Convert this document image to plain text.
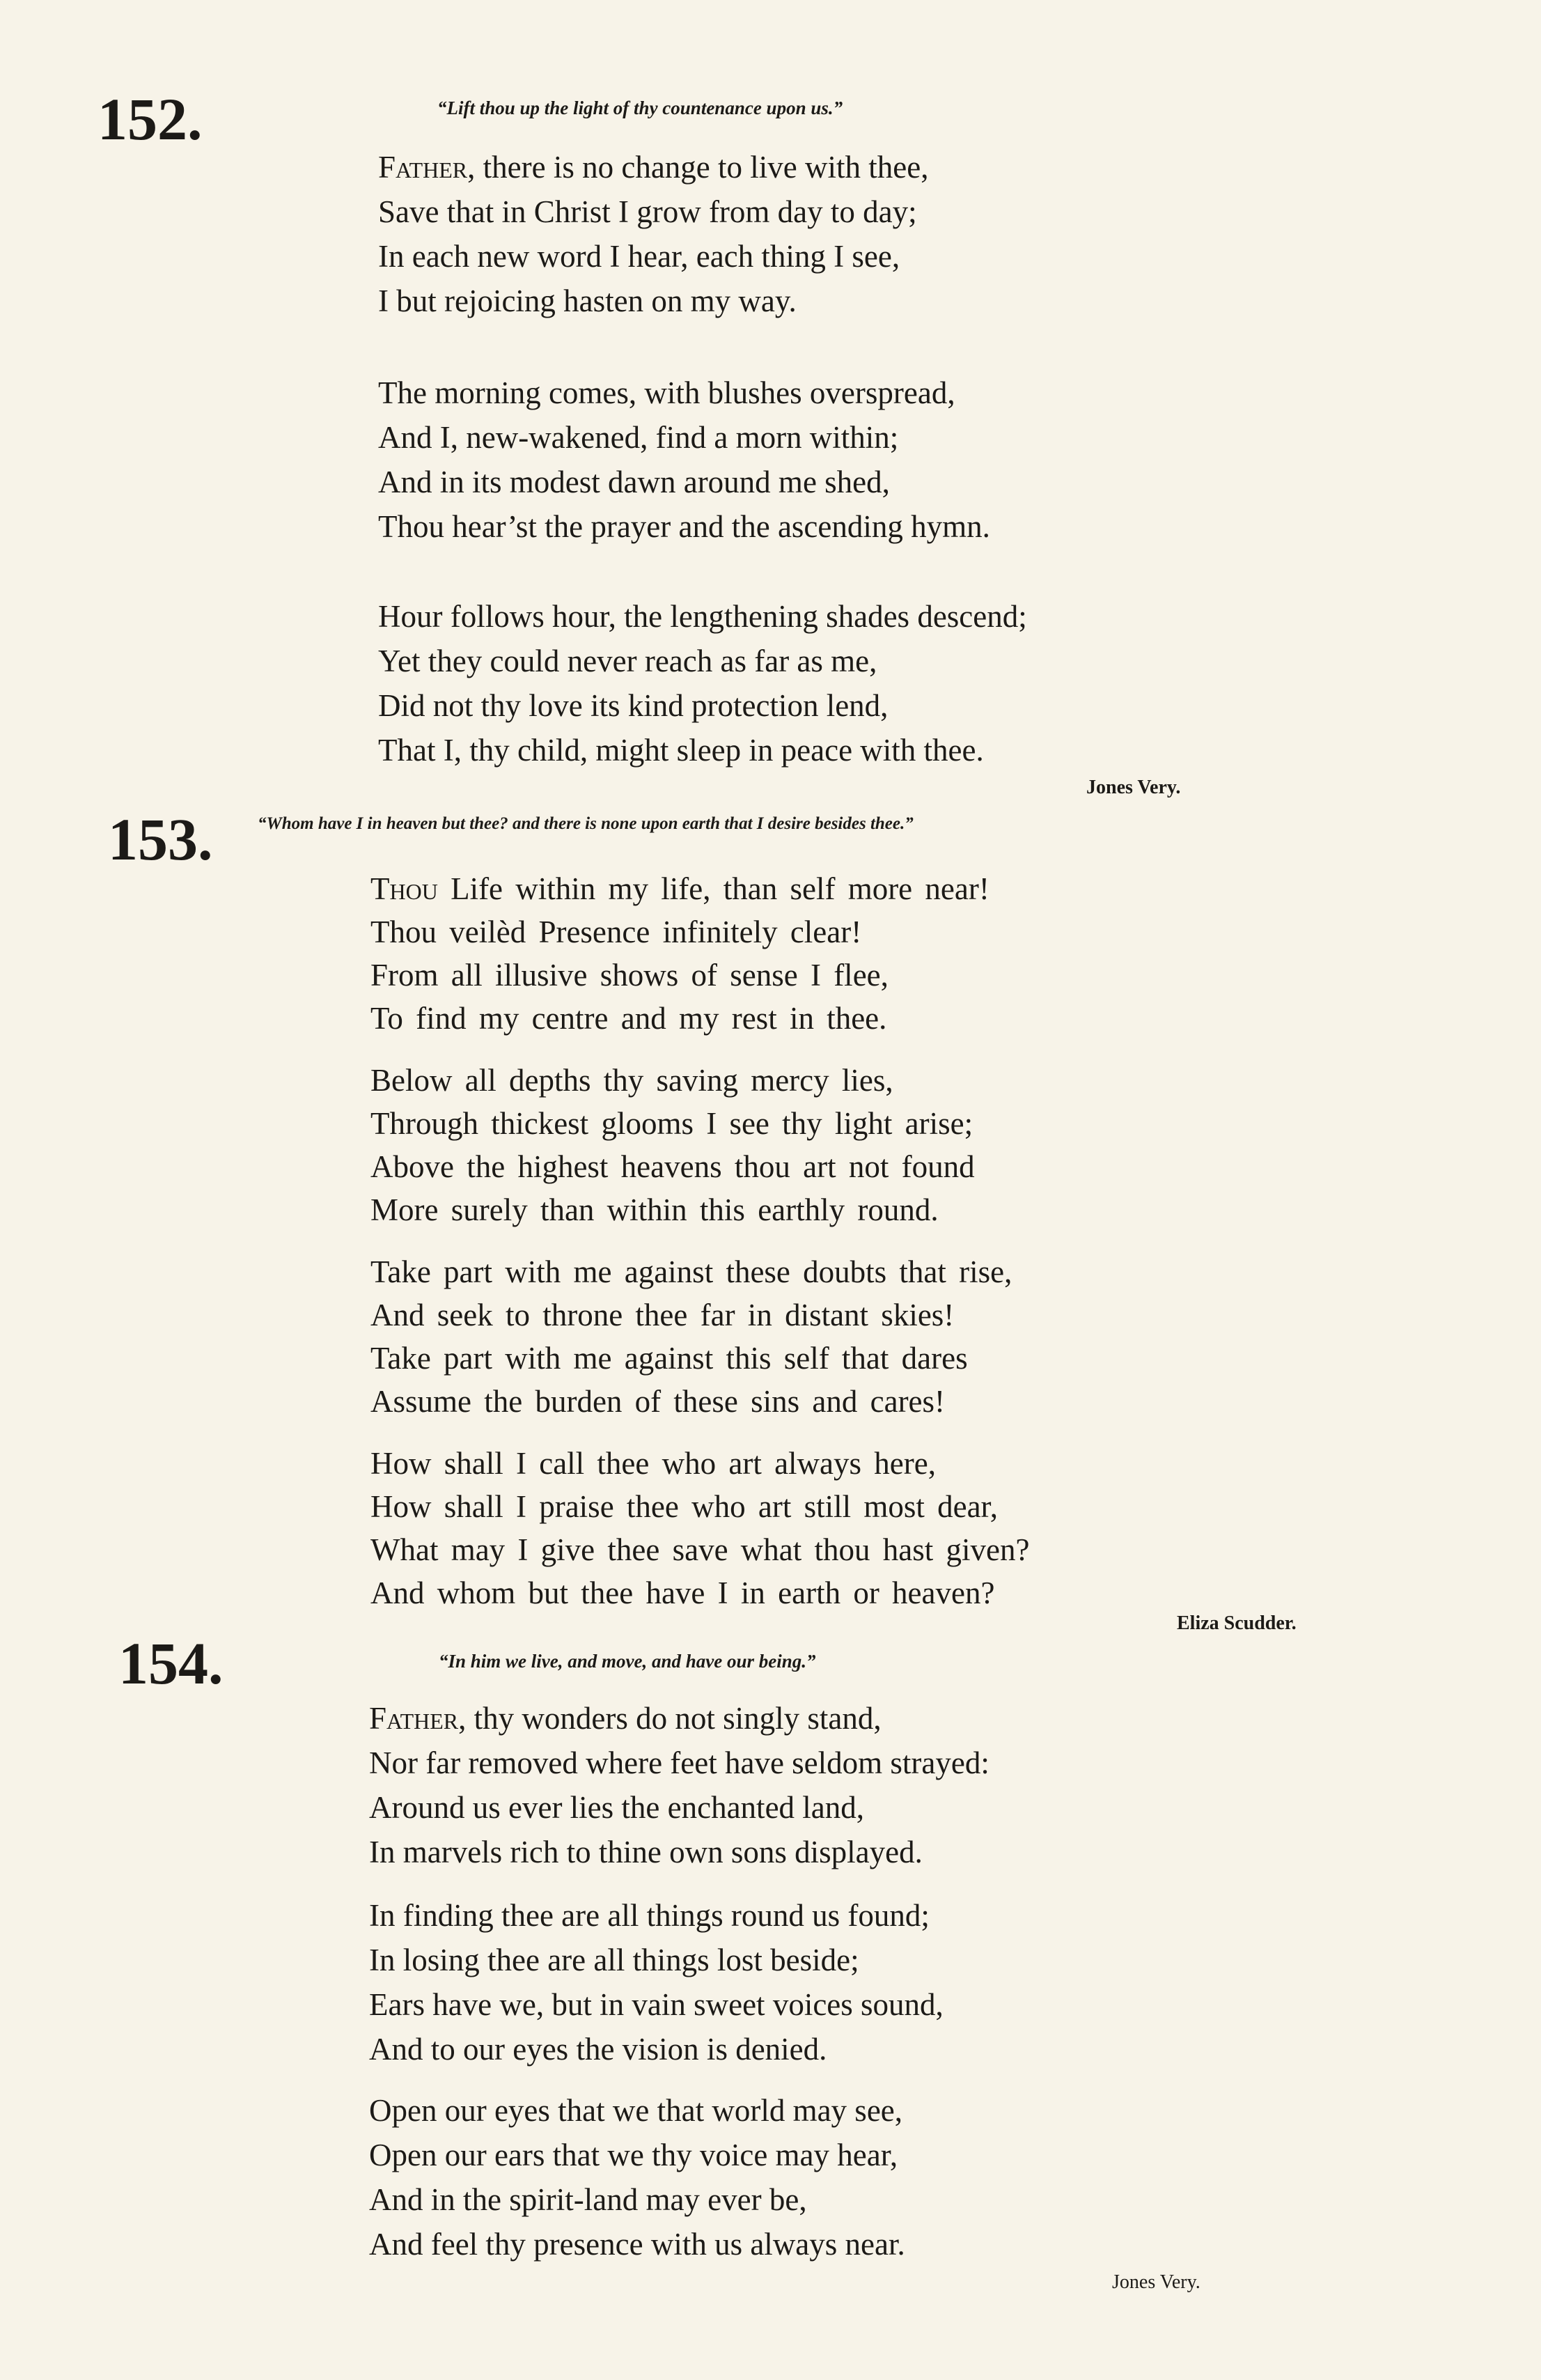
152.	“Lift thou up the light of thy countenance upon us.”
Father, there is no change to live with thee,
Save that in Christ I grow from day to day;
In each new word I hear, each thing I see,
I but rejoicing hasten on my way.
The morning comes, with blushes overspread,
And I, new-wakened, find a morn within;
And in its modest dawn around me shed,
Thou hear’st the prayer and the ascending hymn.
Hour follows hour, the lengthening shades descend;
Yet they could never reach as far as me,
Did not thy love its kind protection lend,
That I, thy child, might sleep in peace with thee.
Jones Very.
153.	“Whom have I in heaven but thee? and there is none upon earth that I desire besides thee.”
Thou Life within my life, than self more near!
Thou veilèd Presence infinitely clear!
From all illusive shows of sense I flee,
To find my centre and my rest in thee.
Below all depths thy saving mercy lies,
Through thickest glooms I see thy light arise;
Above the highest heavens thou art not found
More surely than within this earthly round.
Take part with me against these doubts that rise,
And seek to throne thee far in distant skies!
Take part with me against this self that dares
Assume the burden of these sins and cares!
How shall I call thee who art always here,
How shall I praise thee who art still most dear,
What may I give thee save what thou hast given?
And whom but thee have I in earth or heaven?
Eliza Scudder.
154.	“In him we live, and move, and have our being.”
Father, thy wonders do not singly stand,
Nor far removed where feet have seldom strayed:
Around us ever lies the enchanted land,
In marvels rich to thine own sons displayed.
In finding thee are all things round us found;
In losing thee are all things lost beside;
Ears have we, but in vain sweet voices sound,
And to our eyes the vision is denied.
Open our eyes that we that world may see,
Open our ears that we thy voice may hear,
And in the spirit-land may ever be,
And feel thy presence with us always near.
Jones Very.
